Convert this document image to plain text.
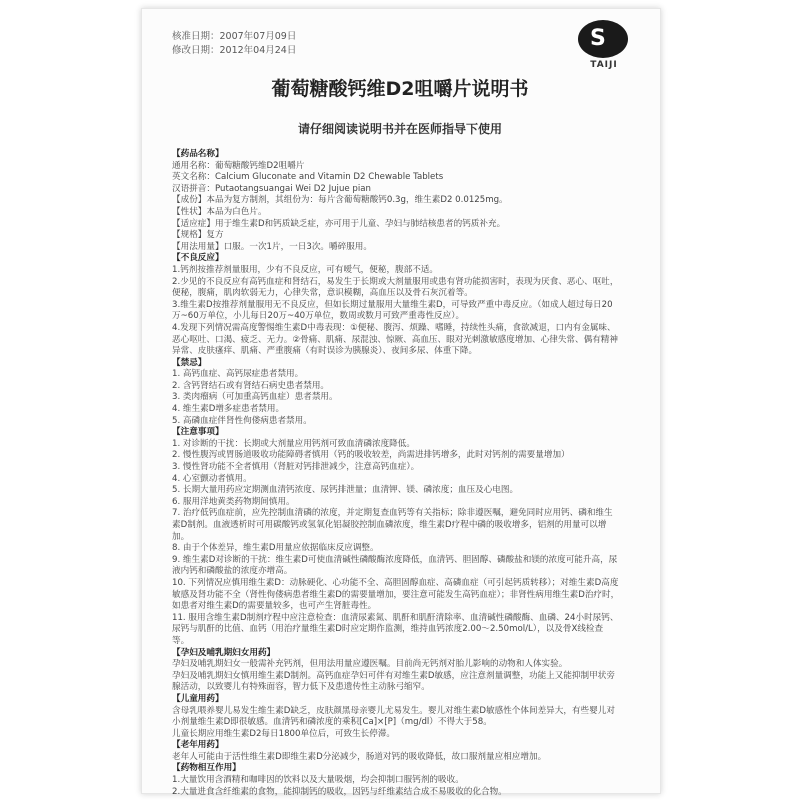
核准日期：2007年07月09日
修改日期：2012年04月24日	S
TAIJI
葡萄糖酸钙维D2咀嚼片说明书
请仔细阅读说明书并在医师指导下使用
【药品名称】
通用名称：葡萄糖酸钙维D2咀嚼片
英文名称：Calcium Gluconate and Vitamin D2 Chewable Tablets
汉语拼音：Putaotangsuangai Wei D2 Jujue pian
【成份】本品为复方制剂，其组份为：每片含葡萄糖酸钙0.3g，维生素D2 0.0125mg。
【性状】本品为白色片。
【适应症】用于维生素D和钙质缺乏症，亦可用于儿童、孕妇与肺结核患者的钙质补充。
【规格】复方
【用法用量】口服。一次1片，一日3次。嚼碎服用。
【不良反应】
1.钙剂按推荐剂量服用，少有不良反应，可有嗳气，便秘，腹部不适。
2.少见的不良反应有高钙血症和肾结石，易发生于长期或大剂量服用或患有肾功能损害时，表现为厌食、恶心、呕吐，便秘，腹痛，肌肉软弱无力，心律失常，意识模糊，高血压以及骨石灰沉着等。
3.维生素D按推荐剂量服用无不良反应，但如长期过量服用大量维生素D，可导致严重中毒反应。（如成人超过每日20万~60万单位，小儿每日20万~40万单位，数周或数月可致严重毒性反应）。
4.发现下列情况需高度警惕维生素D中毒表现：①便秘、腹泻、烦躁、嗜睡，持续性头痛，食欲减退，口内有金属味、恶心呕吐、口渴、疲乏、无力。②骨痛、肌痛、尿混浊、惊厥、高血压、眼对光刺激敏感度增加、心律失常、偶有精神异常、皮肤瘙痒、肌痛、严重腹痛（有时误诊为胰腺炎）、夜间多尿、体重下降。
【禁忌】
1. 高钙血症、高钙尿症患者禁用。
2. 含钙肾结石或有肾结石病史患者禁用。
3. 类肉瘤病（可加重高钙血症）患者禁用。
4. 维生素D增多症患者禁用。
5. 高磷血症伴肾性佝偻病患者禁用。
【注意事项】
1. 对诊断的干扰：长期或大剂量应用钙剂可致血清磷浓度降低。
2. 慢性腹泻或胃肠道吸收功能障碍者慎用（钙的吸收较差，尚需进排钙增多，此时对钙剂的需要量增加）
3. 慢性肾功能不全者慎用（肾脏对钙排泄减少，注意高钙血症）。
4. 心室颤动者慎用。
5. 长期大量用药应定期测血清钙浓度、尿钙排泄量；血清钾、镁、磷浓度；血压及心电图。
6. 服用洋地黄类药物期间慎用。
7. 治疗低钙血症前，应先控制血清磷的浓度，并定期复查血钙等有关指标；除非遵医嘱，避免同时应用钙、磷和维生素D制剂。血液透析时可用碳酸钙或氢氧化铝凝胶控制血磷浓度，维生素D疗程中磷的吸收增多，铝剂的用量可以增加。
8. 由于个体差异，维生素D用量应依据临床反应调整。
9. 维生素D对诊断的干扰：维生素D可使血清碱性磷酸酶浓度降低，血清钙、胆固醇、磷酸盐和镁的浓度可能升高，尿液内钙和磷酸盐的浓度亦增高。
10. 下列情况应慎用维生素D：动脉硬化、心功能不全、高胆固醇血症、高磷血症（可引起钙质转移）；对维生素D高度敏感及肾功能不全（肾性佝偻病患者维生素D的需要量增加，要注意可能发生高钙血症）；非肾性病用维生素D治疗时，如患者对维生素D的需要量较多，也可产生肾脏毒性。
11. 服用含维生素D制剂疗程中应注意检查：血清尿素氮、肌酐和肌酐清除率、血清碱性磷酸酶、血磷、24小时尿钙、尿钙与肌酐的比值、血钙（用治疗量维生素D时应定期作监测，维持血钙浓度2.00～2.50mol/L），以及骨X线检查等。
【孕妇及哺乳期妇女用药】
孕妇及哺乳期妇女一般需补充钙剂，但用法用量应遵医嘱。目前尚无钙剂对胎儿影响的动物和人体实验。
孕妇及哺乳期妇女慎用维生素D制剂。高钙血症孕妇可伴有对维生素D敏感，应注意剂量调整，功能上又能抑制甲状旁腺活动，以致婴儿有特殊面容，智力低下及患遗传性主动脉弓缩窄。
【儿童用药】
含母乳喂养婴儿易发生维生素D缺乏，皮肤颜黑母亲婴儿尤易发生。婴儿对维生素D敏感性个体间差异大，有些婴儿对小剂量维生素D即很敏感。血清钙和磷浓度的乘积[Ca]×[P]（mg/dl）不得大于58。
儿童长期应用维生素D2每日1800单位后，可致生长停滞。
【老年用药】
老年人可能由于活性维生素D即维生素D分泌减少，肠道对钙的吸收降低，故口服剂量应相应增加。
【药物相互作用】
1.大量饮用含酒精和咖啡因的饮料以及大量吸烟，均会抑制口服钙剂的吸收。
2.大量进食含纤维素的食物，能抑制钙的吸收，因钙与纤维素结合成不易吸收的化合物。
